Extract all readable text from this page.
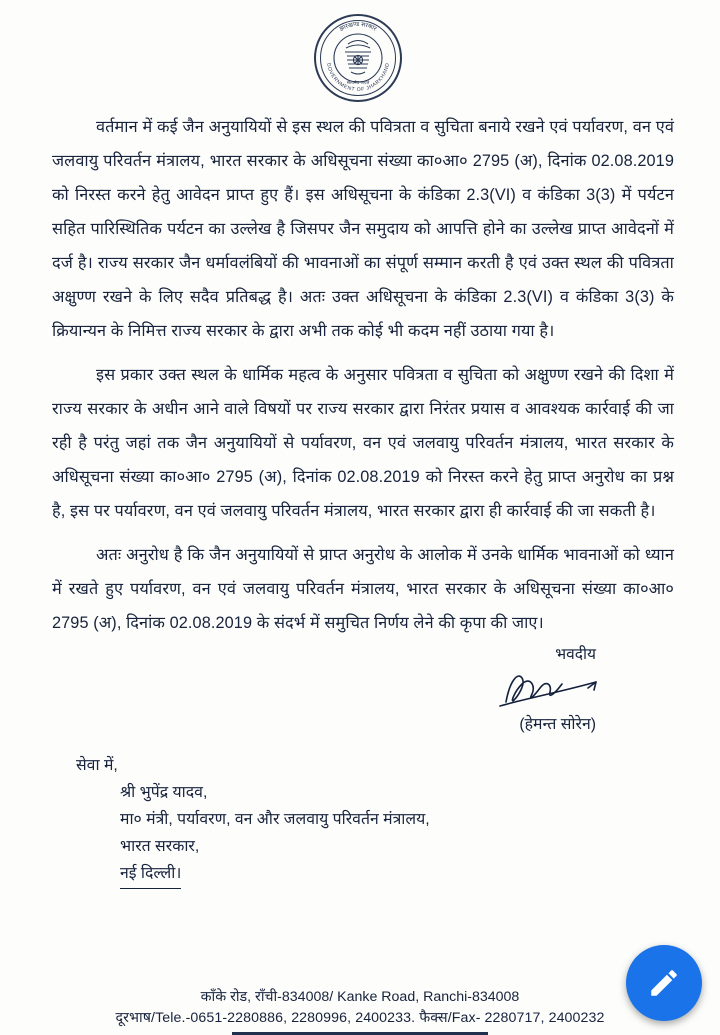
झारखण्ड सरकार
GOVERNMENT OF JHARKHAND
सत्यमेव जयते

वर्तमान में कई जैन अनुयायियों से इस स्थल की पवित्रता व सुचिता बनाये रखने एवं पर्यावरण, वन एवं जलवायु परिवर्तन मंत्रालय, भारत सरकार के अधिसूचना संख्या का०आ० 2795 (अ), दिनांक 02.08.2019 को निरस्त करने हेतु आवेदन प्राप्त हुए हैं। इस अधिसूचना के कंडिका 2.3(VI) व कंडिका 3(3) में पर्यटन सहित पारिस्थितिक पर्यटन का उल्लेख है जिसपर जैन समुदाय को आपत्ति होने का उल्लेख प्राप्त आवेदनों में दर्ज है। राज्य सरकार जैन धर्मावलंबियों की भावनाओं का संपूर्ण सम्मान करती है एवं उक्त स्थल की पवित्रता अक्षुण्ण रखने के लिए सदैव प्रतिबद्ध है। अतः उक्त अधिसूचना के कंडिका 2.3(VI) व कंडिका 3(3) के क्रियान्यन के निमित्त राज्य सरकार के द्वारा अभी तक कोई भी कदम नहीं उठाया गया है।

इस प्रकार उक्त स्थल के धार्मिक महत्व के अनुसार पवित्रता व सुचिता को अक्षुण्ण रखने की दिशा में राज्य सरकार के अधीन आने वाले विषयों पर राज्य सरकार द्वारा निरंतर प्रयास व आवश्यक कार्रवाई की जा रही है परंतु जहां तक जैन अनुयायियों से पर्यावरण, वन एवं जलवायु परिवर्तन मंत्रालय, भारत सरकार के अधिसूचना संख्या का०आ० 2795 (अ), दिनांक 02.08.2019 को निरस्त करने हेतु प्राप्त अनुरोध का प्रश्न है, इस पर पर्यावरण, वन एवं जलवायु परिवर्तन मंत्रालय, भारत सरकार द्वारा ही कार्रवाई की जा सकती है।

अतः अनुरोध है कि जैन अनुयायियों से प्राप्त अनुरोध के आलोक में उनके धार्मिक भावनाओं को ध्यान में रखते हुए पर्यावरण, वन एवं जलवायु परिवर्तन मंत्रालय, भारत सरकार के अधिसूचना संख्या का०आ० 2795 (अ), दिनांक 02.08.2019 के संदर्भ में समुचित निर्णय लेने की कृपा की जाए।

भवदीय
(हेमन्त सोरेन)
सेवा में,
श्री भुपेंद्र यादव,
मा० मंत्री, पर्यावरण, वन और जलवायु परिवर्तन मंत्रालय,
भारत सरकार,
नई दिल्ली।
काँके रोड, राँची-834008/ Kanke Road, Ranchi-834008
दूरभाष/Tele.-0651-2280886, 2280996, 2400233. फैक्स/Fax- 2280717, 2400232
